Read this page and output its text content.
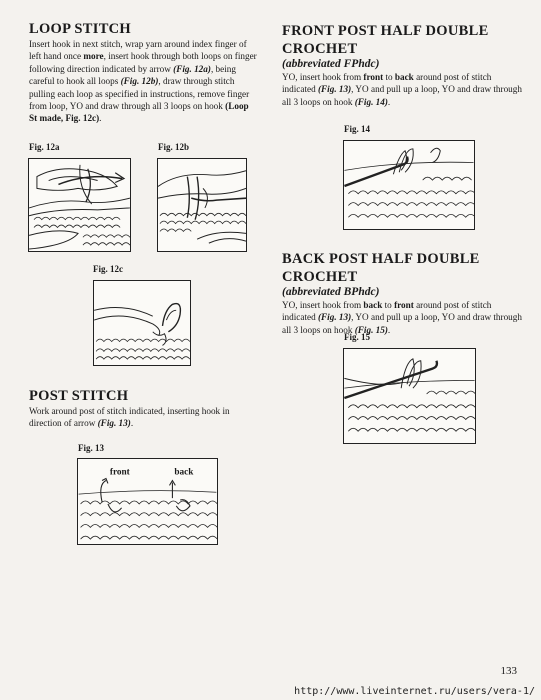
LOOP STITCH

Insert hook in next stitch, wrap yarn around index finger of left hand once more, insert hook through both loops on finger following direction indicated by arrow (Fig. 12a), being careful to hook all loops (Fig. 12b), draw through stitch pulling each loop as specified in instructions, remove finger from loop, YO and draw through all 3 loops on hook (Loop St made, Fig. 12c).

Fig. 12a	Fig. 12b
Fig. 12c
POST STITCH

Work around post of stitch indicated, inserting hook in direction of arrow (Fig. 13).

Fig. 13
front	back
FRONT POST HALF DOUBLE
CROCHET
(abbreviated FPhdc)

YO, insert hook from front to back around post of stitch indicated (Fig. 13), YO and pull up a loop, YO and draw through all 3 loops on hook (Fig. 14).

Fig. 14
BACK POST HALF DOUBLE CROCHET
(abbreviated BPhdc)

YO, insert hook from back to front around post of stitch indicated (Fig. 13), YO and pull up a loop, YO and draw through all 3 loops on hook (Fig. 15).

Fig. 15
133
http://www.liveinternet.ru/users/vera-1/
